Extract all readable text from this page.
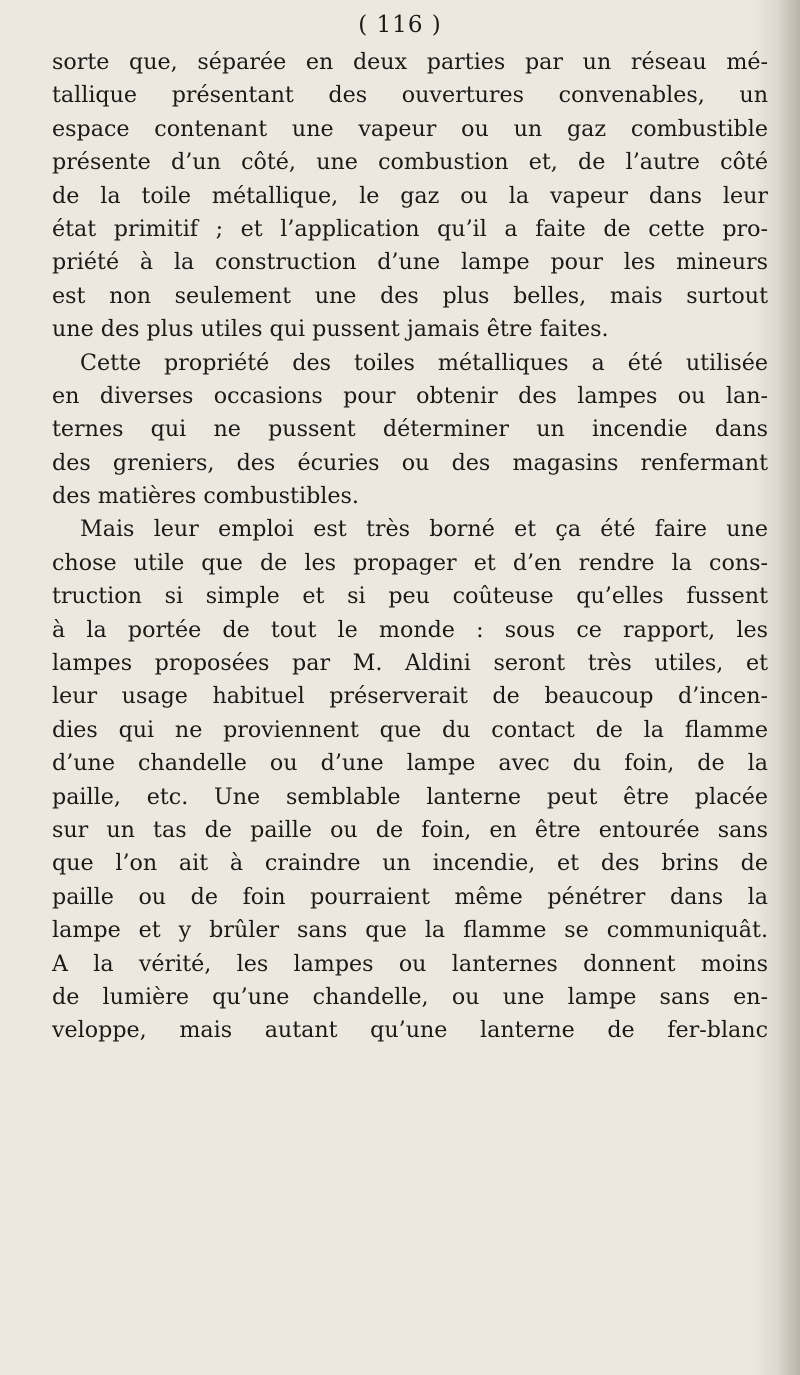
( 116 )
sorte que, séparée en deux parties par un réseau mé-
tallique présentant des ouvertures convenables, un
espace contenant une vapeur ou un gaz combustible
présente d’un côté, une combustion et, de l’autre côté
de la toile métallique, le gaz ou la vapeur dans leur
état primitif ; et l’application qu’il a faite de cette pro-
priété à la construction d’une lampe pour les mineurs
est non seulement une des plus belles, mais surtout
une des plus utiles qui pussent jamais être faites.
Cette propriété des toiles métalliques a été utilisée
en diverses occasions pour obtenir des lampes ou lan-
ternes qui ne pussent déterminer un incendie dans
des greniers, des écuries ou des magasins renfermant
des matières combustibles.
Mais leur emploi est très borné et ça été faire une
chose utile que de les propager et d’en rendre la cons-
truction si simple et si peu coûteuse qu’elles fussent
à la portée de tout le monde : sous ce rapport, les
lampes proposées par M. Aldini seront très utiles, et
leur usage habituel préserverait de beaucoup d’incen-
dies qui ne proviennent que du contact de la flamme
d’une chandelle ou d’une lampe avec du foin, de la
paille, etc. Une semblable lanterne peut être placée
sur un tas de paille ou de foin, en être entourée sans
que l’on ait à craindre un incendie, et des brins de
paille ou de foin pourraient même pénétrer dans la
lampe et y brûler sans que la flamme se communiquât.
A la vérité, les lampes ou lanternes donnent moins
de lumière qu’une chandelle, ou une lampe sans en-
veloppe, mais autant qu’une lanterne de fer-blanc
